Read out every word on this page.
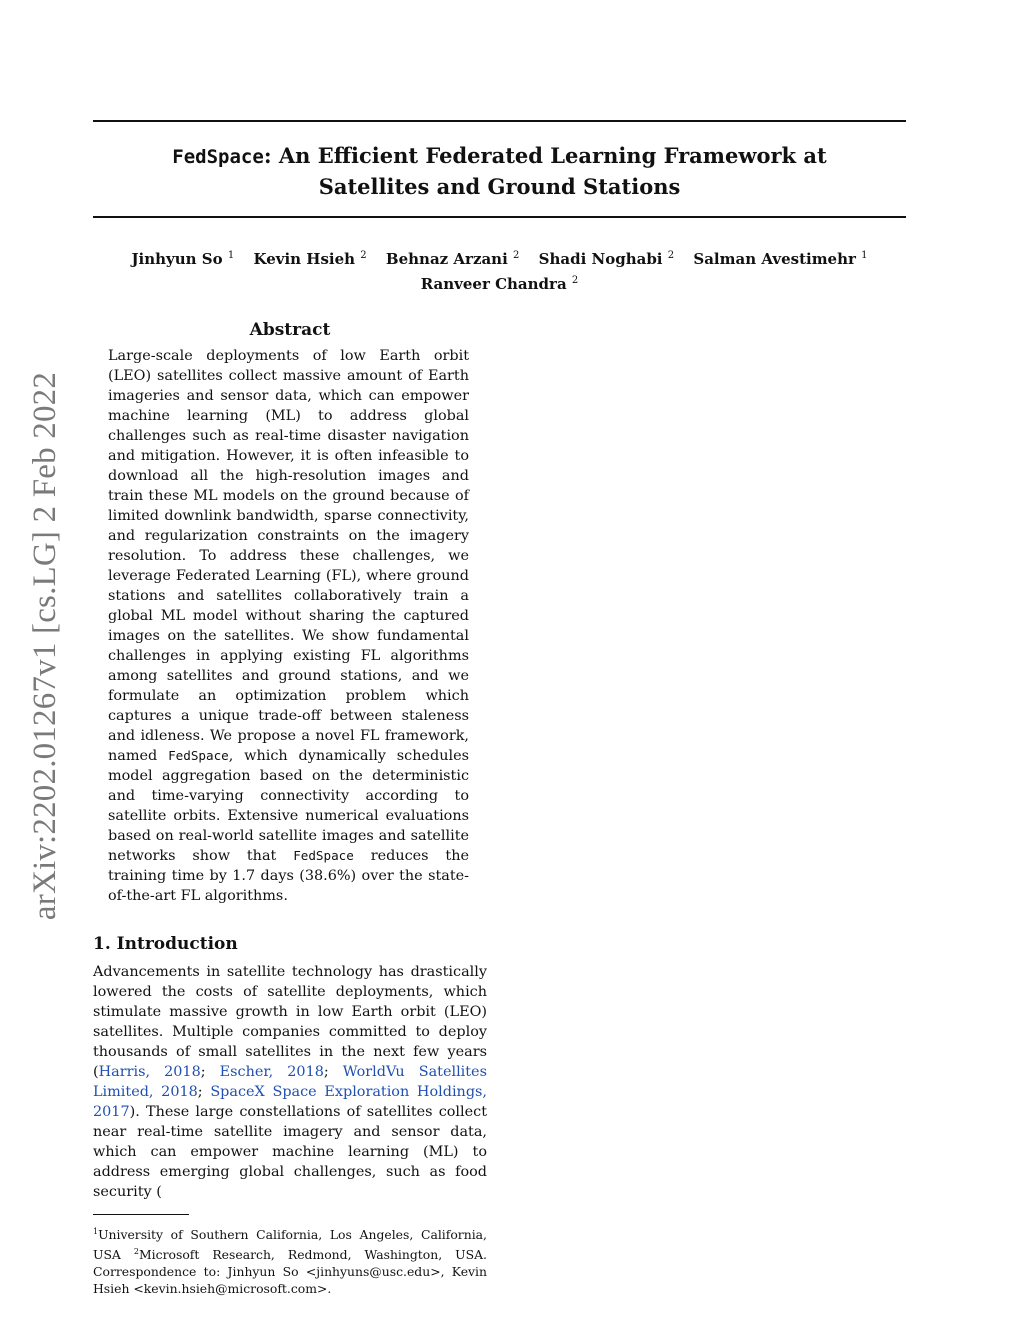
FedSpace: An Efficient Federated Learning Framework at
Satellites and Ground Stations
Jinhyun So $^1$ Kevin Hsieh $^2$ Behnaz Arzani $^2$ Shadi Noghabi $^2$ Salman Avestimehr $^1$
Ranveer Chandra $^2$
arXiv:2202.01267v1 [cs.LG] 2 Feb 2022
Abstract
Large-scale deployments of low Earth orbit (LEO) satellites collect massive amount of Earth imageries and sensor data, which can empower machine learning (ML) to address global challenges such as real-time disaster navigation and mitigation. However, it is often infeasible to download all the high-resolution images and train these ML models on the ground because of limited downlink bandwidth, sparse connectivity, and regularization constraints on the imagery resolution. To address these challenges, we leverage Federated Learning (FL), where ground stations and satellites collaboratively train a global ML model without sharing the captured images on the satellites. We show fundamental challenges in applying existing FL algorithms among satellites and ground stations, and we formulate an optimization problem which captures a unique trade-off between staleness and idleness. We propose a novel FL framework, named FedSpace, which dynamically schedules model aggregation based on the deterministic and time-varying connectivity according to satellite orbits. Extensive numerical evaluations based on real-world satellite images and satellite networks show that FedSpace reduces the training time by 1.7 days (38.6%) over the state-of-the-art FL algorithms.
1. Introduction

Advancements in satellite technology has drastically lowered the costs of satellite deployments, which stimulate massive growth in low Earth orbit (LEO) satellites. Multiple companies committed to deploy thousands of small satellites in the next few years (Harris, 2018; Escher, 2018; WorldVu Satellites Limited, 2018; SpaceX Space Exploration Holdings, 2017). These large constellations of satellites collect near real-time satellite imagery and sensor data, which can empower machine learning (ML) to address emerging global challenges, such as food security (

$^1$University of Southern California, Los Angeles, California, USA $^2$Microsoft Research, Redmond, Washington, USA. Correspondence to: Jinhyun So <jinhyuns@usc.edu>, Kevin Hsieh <kevin.hsieh@microsoft.com>.
